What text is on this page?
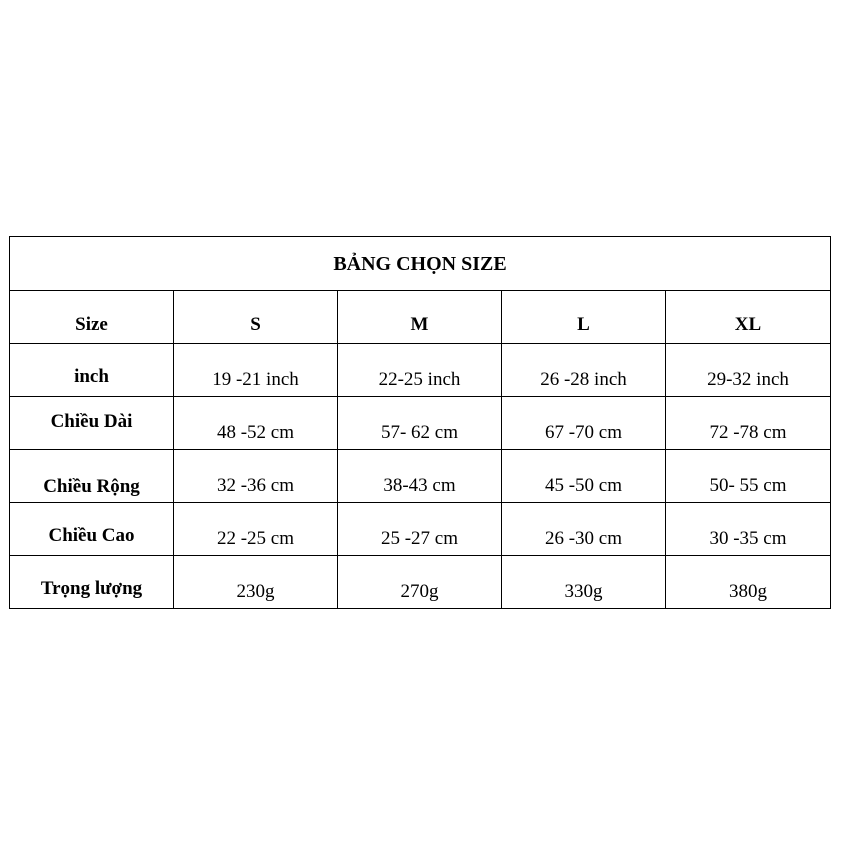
BẢNG CHỌN SIZE				
Size	S	M	L	XL
inch	19 -21 inch	22-25 inch	26 -28 inch	29-32 inch
Chiều Dài	48 -52 cm	57- 62 cm	67 -70 cm	72 -78 cm
Chiều Rộng	32 -36 cm	38-43 cm	45 -50 cm	50- 55 cm
Chiều Cao	22 -25 cm	25 -27 cm	26 -30 cm	30 -35 cm
Trọng lượng	230g	270g	330g	380g
